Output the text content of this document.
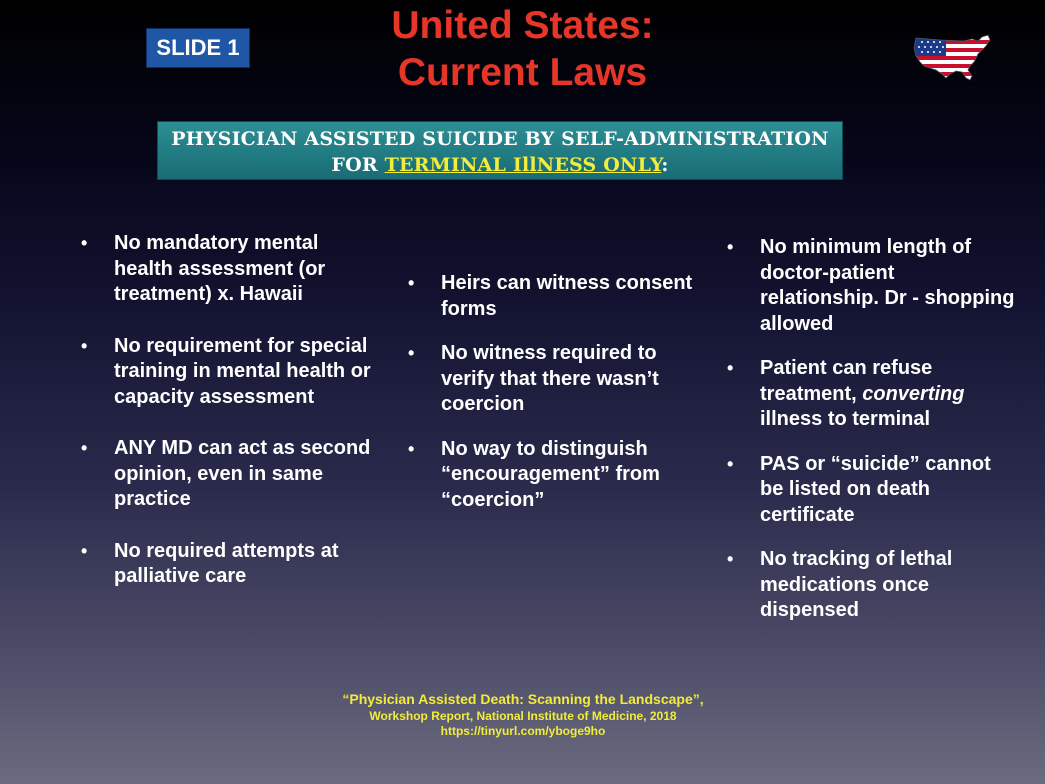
SLIDE 1
United States:
Current Laws
PHYSICIAN ASSISTED SUICIDE BY SELF-ADMINISTRATION
FOR TERMINAL IllNESS ONLY:
•	No mandatory mental health assessment (or treatment) x. Hawaii
•	No requirement for special training in mental health or capacity assessment
•	ANY MD can act as second opinion, even in same practice
•	No required attempts at palliative care
•	Heirs can witness consent forms
•	No witness required to verify that there wasn’t coercion
•	No way to distinguish “encouragement” from “coercion”
•	No minimum length of doctor-patient relationship. Dr - shopping allowed
•	Patient can refuse treatment, converting illness to terminal
•	PAS or “suicide” cannot be listed on death certificate
•	No tracking of lethal medications once dispensed
“Physician Assisted Death: Scanning the Landscape”,
Workshop Report, National Institute of Medicine, 2018
https://tinyurl.com/yboge9ho
